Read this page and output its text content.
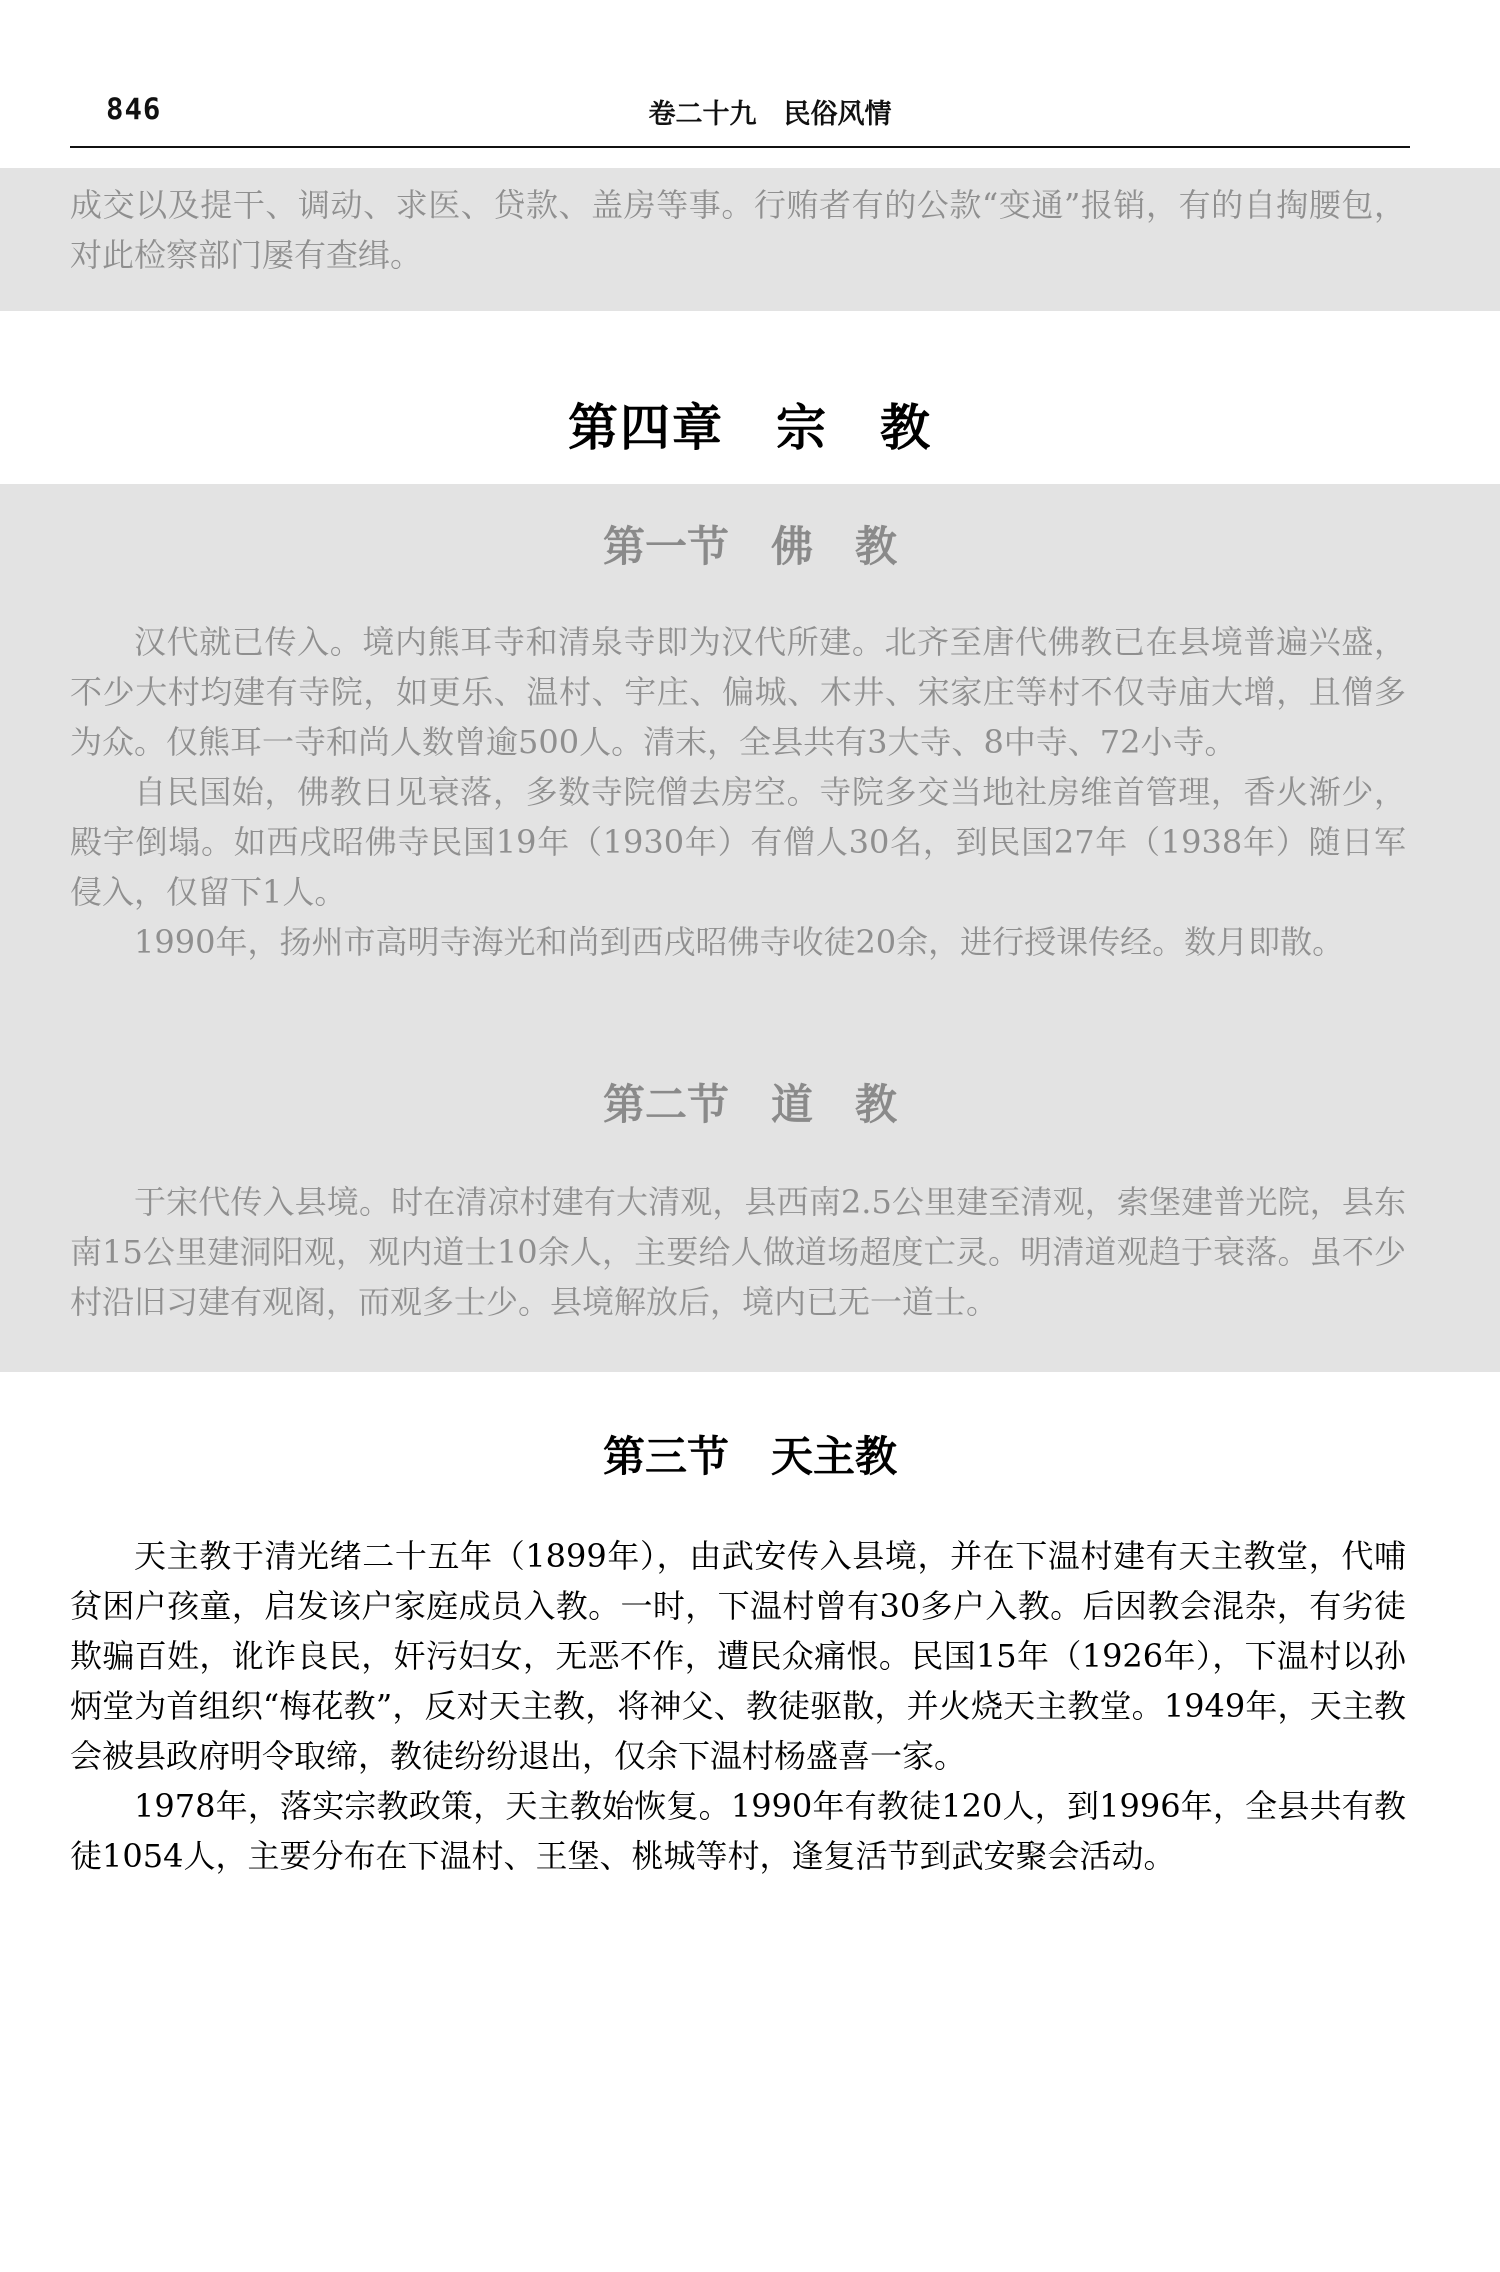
846	卷二十九　民俗风情

成交以及提干、调动、求医、贷款、盖房等事。行贿者有的公款“变通”报销，有的自掏腰包，对此检察部门屡有查缉。

第四章　宗　教
第一节　佛　教

汉代就已传入。境内熊耳寺和清泉寺即为汉代所建。北齐至唐代佛教已在县境普遍兴盛，不少大村均建有寺院，如更乐、温村、宇庄、偏城、木井、宋家庄等村不仅寺庙大增，且僧多为众。仅熊耳一寺和尚人数曾逾500人。清末，全县共有3大寺、8中寺、72小寺。

自民国始，佛教日见衰落，多数寺院僧去房空。寺院多交当地社房维首管理，香火渐少，殿宇倒塌。如西戌昭佛寺民国19年（1930年）有僧人30名，到民国27年（1938年）随日军侵入，仅留下1人。

1990年，扬州市高明寺海光和尚到西戌昭佛寺收徒20余，进行授课传经。数月即散。

第二节　道　教

于宋代传入县境。时在清凉村建有大清观，县西南2.5公里建至清观，索堡建普光院，县东南15公里建洞阳观，观内道士10余人，主要给人做道场超度亡灵。明清道观趋于衰落。虽不少村沿旧习建有观阁，而观多士少。县境解放后，境内已无一道士。

第三节　天主教

天主教于清光绪二十五年（1899年），由武安传入县境，并在下温村建有天主教堂，代哺贫困户孩童，启发该户家庭成员入教。一时，下温村曾有30多户入教。后因教会混杂，有劣徒欺骗百姓，讹诈良民，奸污妇女，无恶不作，遭民众痛恨。民国15年（1926年），下温村以孙炳堂为首组织“梅花教”，反对天主教，将神父、教徒驱散，并火烧天主教堂。1949年，天主教会被县政府明令取缔，教徒纷纷退出，仅余下温村杨盛喜一家。

1978年，落实宗教政策，天主教始恢复。1990年有教徒120人，到1996年，全县共有教徒1054人，主要分布在下温村、王堡、桃城等村，逢复活节到武安聚会活动。
